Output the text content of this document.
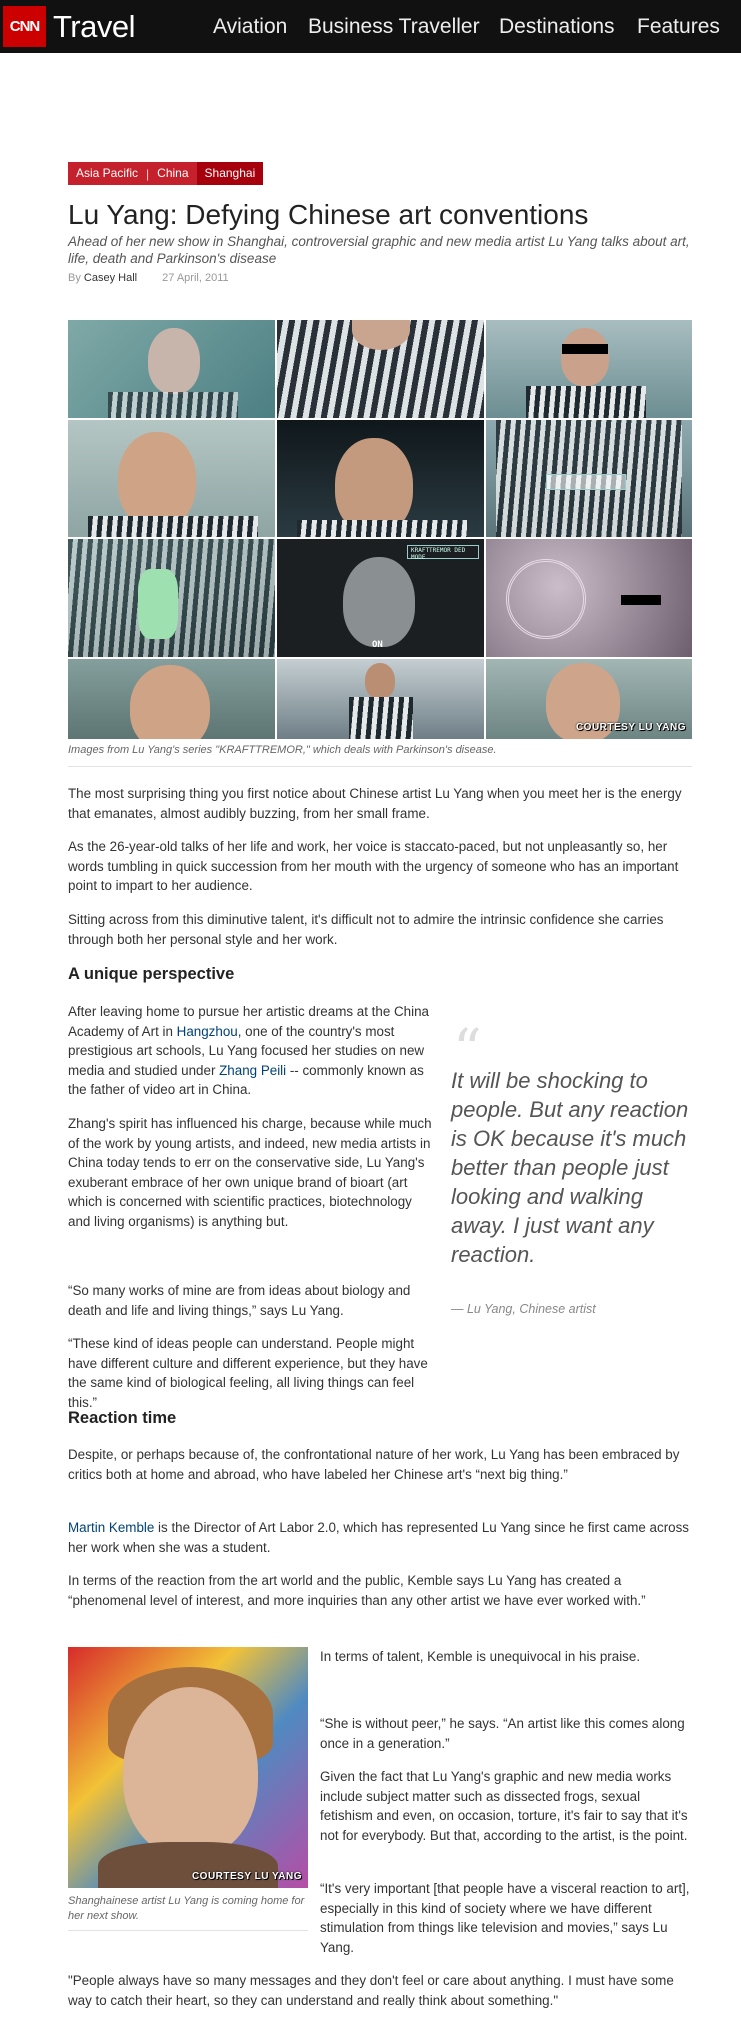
CNN Travel	Aviation Business Traveller Destinations Features
Asia Pacific | China	Shanghai
Lu Yang: Defying Chinese art conventions
Ahead of her new show in Shanghai, controversial graphic and new media artist Lu Yang talks about art, life, death and Parkinson's disease
By Casey Hall 27 April, 2011
KRAFTTREMOR DED MODE
ON
COURTESY LU YANG
Images from Lu Yang's series "KRAFTTREMOR," which deals with Parkinson's disease.

The most surprising thing you first notice about Chinese artist Lu Yang when you meet her is the energy that emanates, almost audibly buzzing, from her small frame.

As the 26-year-old talks of her life and work, her voice is staccato-paced, but not unpleasantly so, her words tumbling in quick succession from her mouth with the urgency of someone who has an important point to impart to her audience.

Sitting across from this diminutive talent, it's difficult not to admire the intrinsic confidence she carries through both her personal style and her work.

A unique perspective

After leaving home to pursue her artistic dreams at the China Academy of Art in Hangzhou, one of the country's most prestigious art schools, Lu Yang focused her studies on new media and studied under Zhang Peili -- commonly known as the father of video art in China.

Zhang's spirit has influenced his charge, because while much of the work by young artists, and indeed, new media artists in China today tends to err on the conservative side, Lu Yang's exuberant embrace of her own unique brand of bioart (art which is concerned with scientific practices, biotechnology and living organisms) is anything but.

“So many works of mine are from ideas about biology and death and life and living things,” says Lu Yang.

“These kind of ideas people can understand. People might have different culture and different experience, but they have the same kind of biological feeling, all living things can feel this.”

“
It will be shocking to people. But any reaction is OK because it's much better than people just looking and walking away. I just want any reaction.
— Lu Yang, Chinese artist
Reaction time

Despite, or perhaps because of, the confrontational nature of her work, Lu Yang has been embraced by critics both at home and abroad, who have labeled her Chinese art's “next big thing.”

Martin Kemble is the Director of Art Labor 2.0, which has represented Lu Yang since he first came across her work when she was a student.

In terms of the reaction from the art world and the public, Kemble says Lu Yang has created a “phenomenal level of interest, and more inquiries than any other artist we have ever worked with.”

COURTESY LU YANG
Shanghainese artist Lu Yang is coming home for her next show.

In terms of talent, Kemble is unequivocal in his praise.

“She is without peer,” he says. “An artist like this comes along once in a generation.”

Given the fact that Lu Yang's graphic and new media works include subject matter such as dissected frogs, sexual fetishism and even, on occasion, torture, it's fair to say that it's not for everybody. But that, according to the artist, is the point.

“It's very important [that people have a visceral reaction to art], especially in this kind of society where we have different stimulation from things like television and movies,” says Lu Yang.

"People always have so many messages and they don't feel or care about anything. I must have some way to catch their heart, so they can understand and really think about something."
